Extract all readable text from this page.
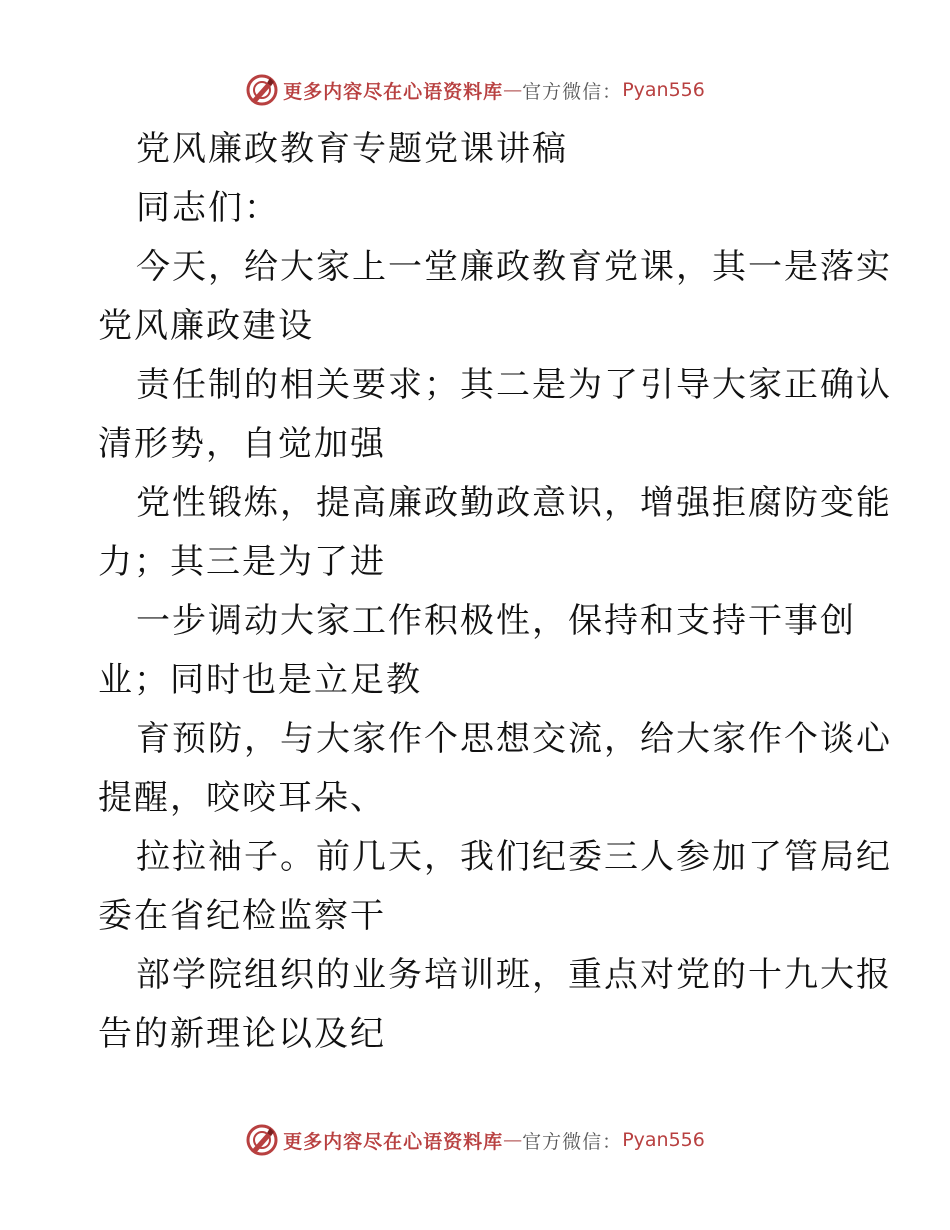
更多内容尽在心语资料库 — 官方微信： Pyan556
党风廉政教育专题党课讲稿
同志们：
今天，给大家上一堂廉政教育党课，其一是落实
党风廉政建设
责任制的相关要求；其二是为了引导大家正确认
清形势，自觉加强
党性锻炼，提高廉政勤政意识，增强拒腐防变能
力；其三是为了进
一步调动大家工作积极性，保持和支持干事创
业；同时也是立足教
育预防，与大家作个思想交流，给大家作个谈心
提醒，咬咬耳朵、
拉拉袖子。前几天，我们纪委三人参加了管局纪
委在省纪检监察干
部学院组织的业务培训班，重点对党的十九大报
告的新理论以及纪
更多内容尽在心语资料库 — 官方微信： Pyan556
